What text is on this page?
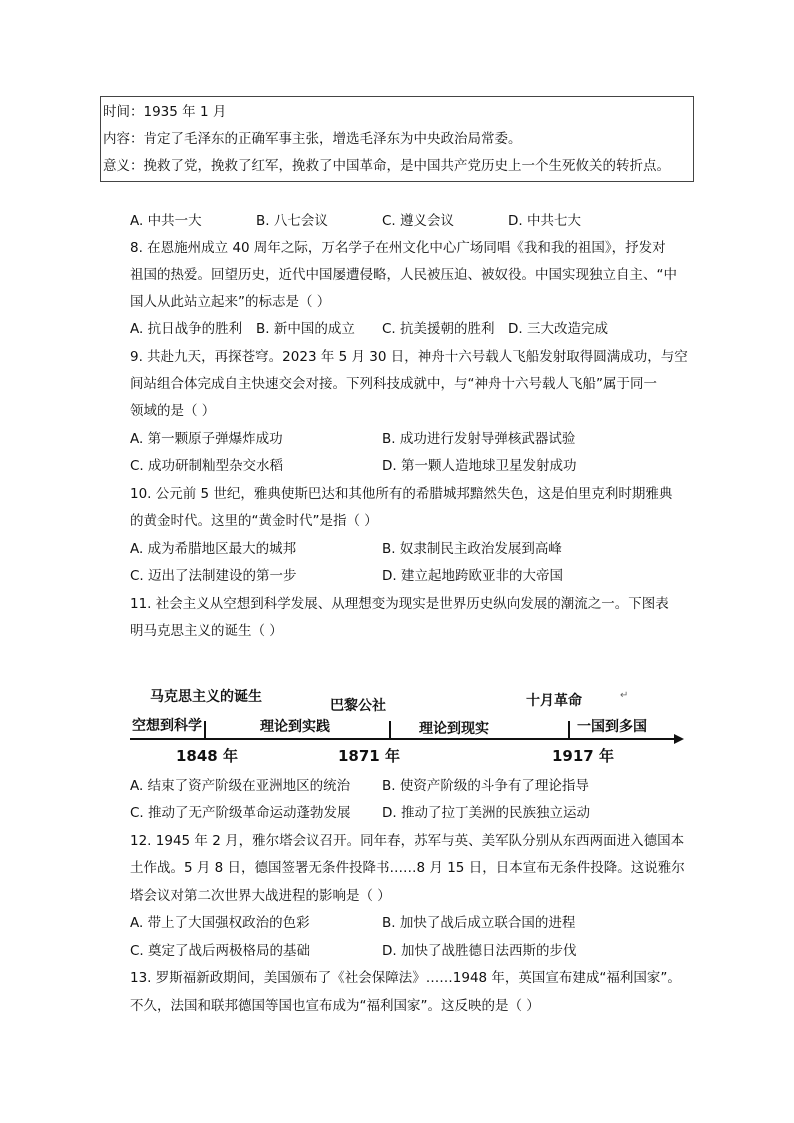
时间：1935 年 1 月
内容：肯定了毛泽东的正确军事主张，增选毛泽东为中央政治局常委。
意义：挽救了党，挽救了红军，挽救了中国革命，是中国共产党历史上一个生死攸关的转折点。
A. 中共一大	B. 八七会议	C. 遵义会议	D. 中共七大
8. 在恩施州成立 40 周年之际，万名学子在州文化中心广场同唱《我和我的祖国》，抒发对
祖国的热爱。回望历史，近代中国屡遭侵略，人民被压迫、被奴役。中国实现独立自主、“中
国人从此站立起来”的标志是（ ）
A. 抗日战争的胜利 B. 新中国的成立 C. 抗美援朝的胜利 D. 三大改造完成
9. 共赴九天，再探苍穹。2023 年 5 月 30 日，神舟十六号载人飞船发射取得圆满成功，与空
间站组合体完成自主快速交会对接。下列科技成就中，与“神舟十六号载人飞船”属于同一
领域的是（ ）
A. 第一颗原子弹爆炸成功	B. 成功进行发射导弹核武器试验
C. 成功研制籼型杂交水稻	D. 第一颗人造地球卫星发射成功
10. 公元前 5 世纪，雅典使斯巴达和其他所有的希腊城邦黯然失色，这是伯里克利时期雅典
的黄金时代。这里的“黄金时代”是指（ ）
A. 成为希腊地区最大的城邦	B. 奴隶制民主政治发展到高峰
C. 迈出了法制建设的第一步	D. 建立起地跨欧亚非的大帝国
11. 社会主义从空想到科学发展、从理想变为现实是世界历史纵向发展的潮流之一。下图表
明马克思主义的诞生（ ）
马克思主义的诞生
巴黎公社	十月革命	↵
空想到科学	理论到实践	理论到现实	一国到多国
1848 年	1871 年	1917 年
A. 结束了资产阶级在亚洲地区的统治 B. 使资产阶级的斗争有了理论指导
C. 推动了无产阶级革命运动蓬勃发展 D. 推动了拉丁美洲的民族独立运动
12. 1945 年 2 月，雅尔塔会议召开。同年春，苏军与英、美军队分别从东西两面进入德国本
土作战。5 月 8 日，德国签署无条件投降书……8 月 15 日，日本宣布无条件投降。这说雅尔
塔会议对第二次世界大战进程的影响是（ ）
A. 带上了大国强权政治的色彩	B. 加快了战后成立联合国的进程
C. 奠定了战后两极格局的基础	D. 加快了战胜德日法西斯的步伐
13. 罗斯福新政期间，美国颁布了《社会保障法》……1948 年，英国宣布建成“福利国家”。
不久，法国和联邦德国等国也宣布成为“福利国家”。这反映的是（ ）
